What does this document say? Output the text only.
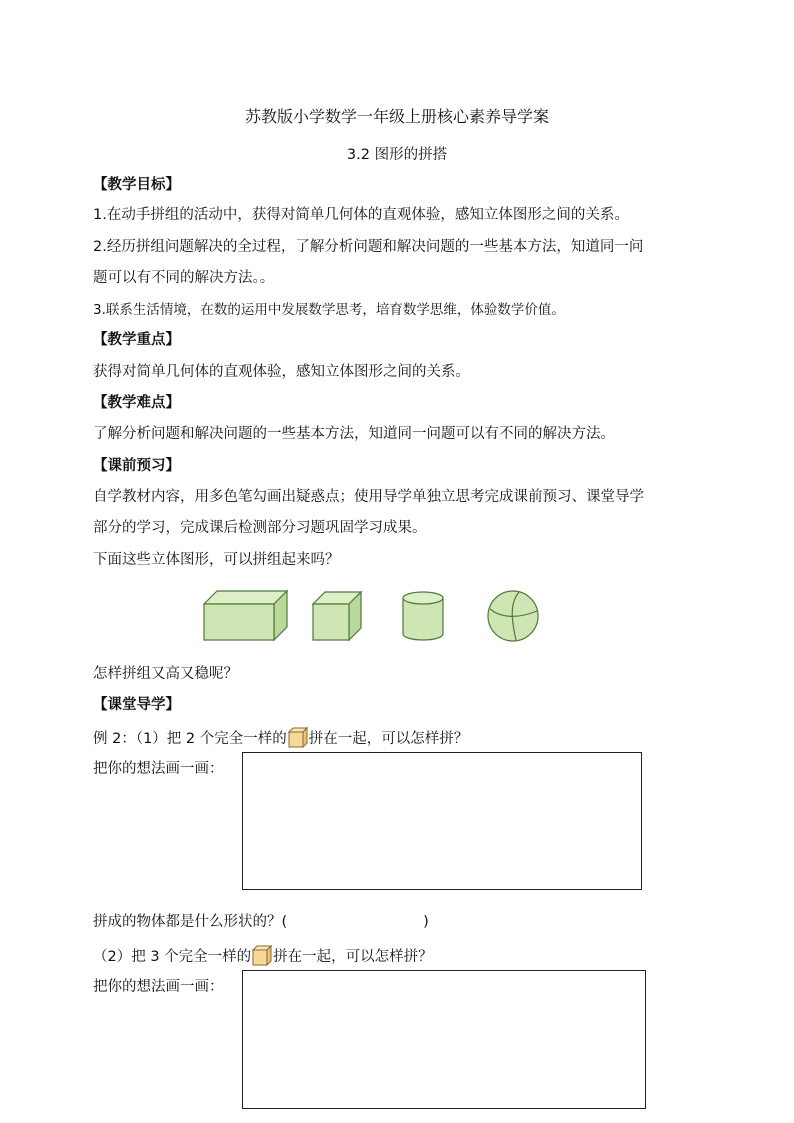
苏教版小学数学一年级上册核心素养导学案
3.2 图形的拼搭
【教学目标】
1.在动手拼组的活动中，获得对简单几何体的直观体验，感知立体图形之间的关系。
2.经历拼组问题解决的全过程，了解分析问题和解决问题的一些基本方法，知道同一问
题可以有不同的解决方法。。
3.联系生活情境，在数的运用中发展数学思考，培育数学思维，体验数学价值。
【教学重点】
获得对简单几何体的直观体验，感知立体图形之间的关系。
【教学难点】
了解分析问题和解决问题的一些基本方法，知道同一问题可以有不同的解决方法。
【课前预习】
自学教材内容，用多色笔勾画出疑惑点；使用导学单独立思考完成课前预习、课堂导学
部分的学习，完成课后检测部分习题巩固学习成果。
下面这些立体图形，可以拼组起来吗？
怎样拼组又高又稳呢？
【课堂导学】
例 2：（1）把 2 个完全一样的 拼在一起，可以怎样拼？
把你的想法画一画：
拼成的物体都是什么形状的？(	)
（2）把 3 个完全一样的 拼在一起，可以怎样拼？
把你的想法画一画：
